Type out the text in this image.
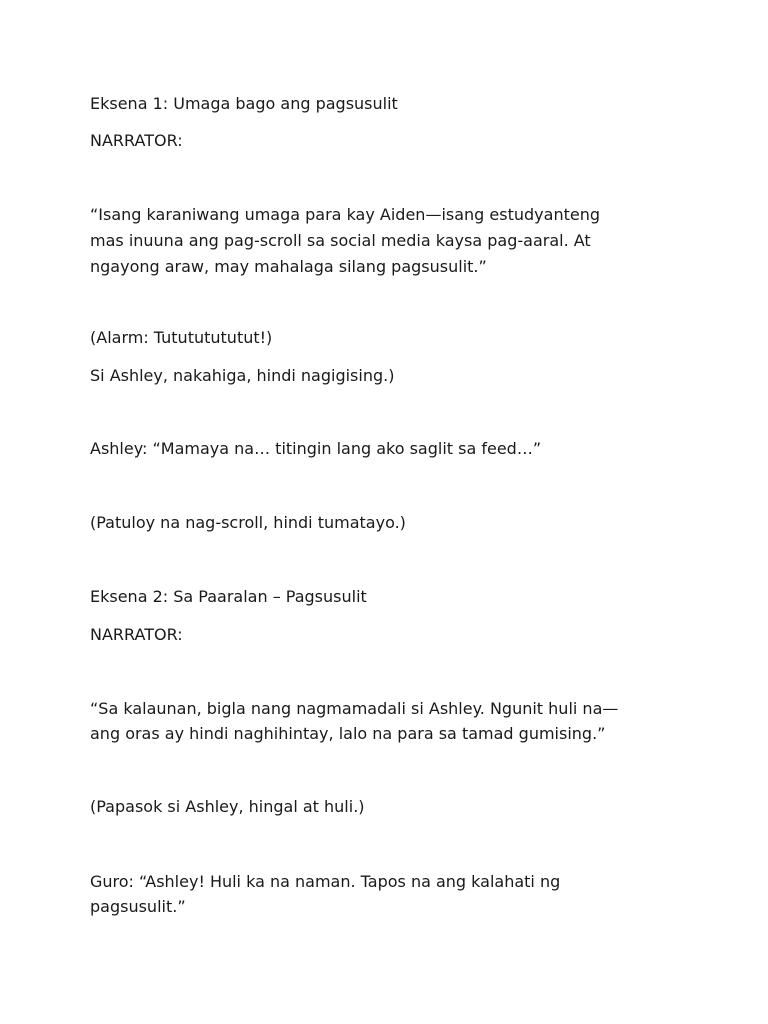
Eksena 1: Umaga bago ang pagsusulit

NARRATOR:

“Isang karaniwang umaga para kay Aiden—isang estudyanteng

mas inuuna ang pag-scroll sa social media kaysa pag-aaral. At

ngayong araw, may mahalaga silang pagsusulit.”

(Alarm: Tutututututut!)

Si Ashley, nakahiga, hindi nagigising.)

Ashley: “Mamaya na… titingin lang ako saglit sa feed…”

(Patuloy na nag-scroll, hindi tumatayo.)

Eksena 2: Sa Paaralan – Pagsusulit

NARRATOR:

“Sa kalaunan, bigla nang nagmamadali si Ashley. Ngunit huli na—

ang oras ay hindi naghihintay, lalo na para sa tamad gumising.”

(Papasok si Ashley, hingal at huli.)

Guro: “Ashley! Huli ka na naman. Tapos na ang kalahati ng

pagsusulit.”
